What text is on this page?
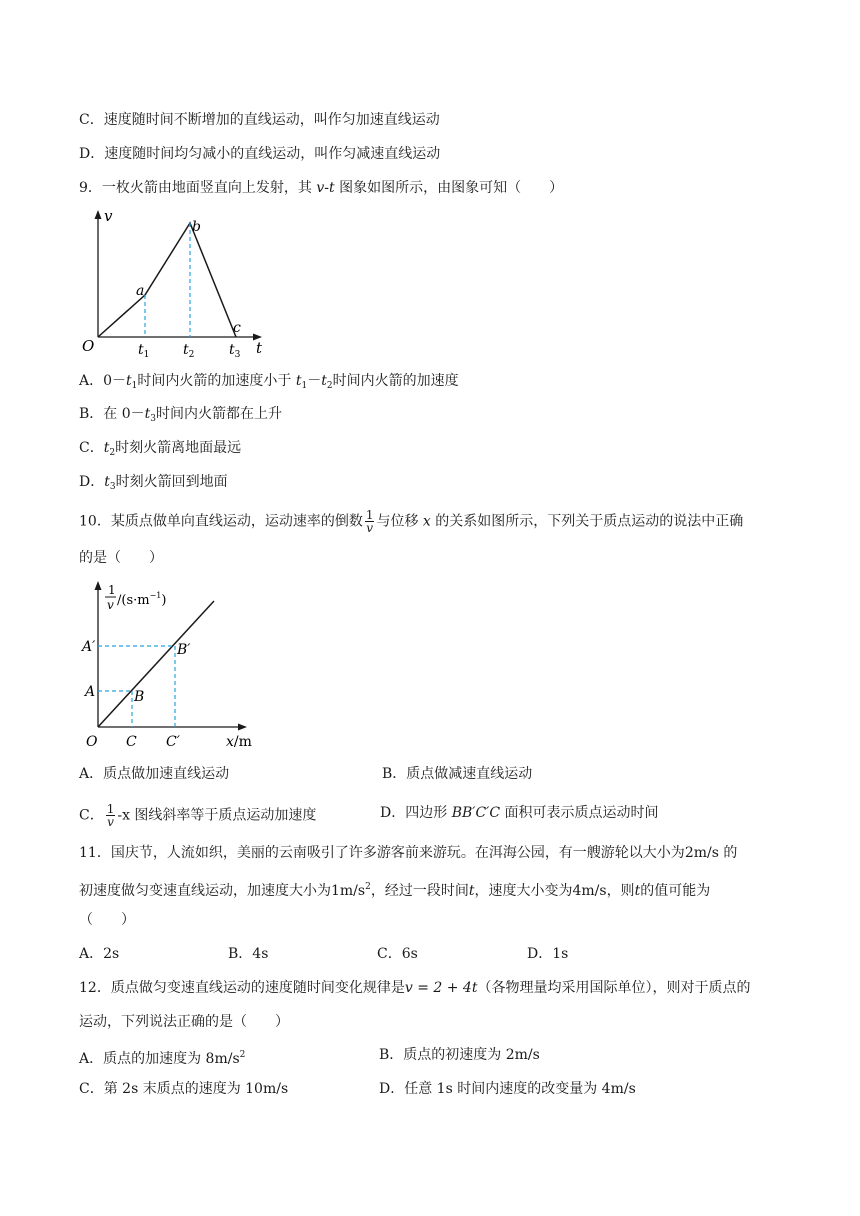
C．速度随时间不断增加的直线运动，叫作匀加速直线运动
D．速度随时间均匀减小的直线运动，叫作匀减速直线运动
9．一枚火箭由地面竖直向上发射，其 v-t 图象如图所示，由图象可知（　　）
v
O	t
a
b
c
$t_1$ $t_2$ $t_3$
A．$0-t_1$时间内火箭的加速度小于 $t_1-t_2$时间内火箭的加速度
B．在 $0-t_3$时间内火箭都在上升
C．$t_2$时刻火箭离地面最远
D．$t_3$时刻火箭回到地面
10．某质点做单向直线运动，运动速率的倒数 $\frac{1}{v}$ 与位移 x 的关系如图所示，下列关于质点运动的说法中正确
的是（　　）
1
v $/(s\cdot m^{-1})$
A′
A
B′
B
O C C′	x/m
A．质点做加速直线运动	B．质点做减速直线运动
C． $\frac{1}{v} -x$ 图线斜率等于质点运动加速度	D．四边形 BB′C′C 面积可表示质点运动时间
11．国庆节，人流如织，美丽的云南吸引了许多游客前来游玩。在洱海公园，有一艘游轮以大小为2m/s 的
初速度做匀变速直线运动，加速度大小为$1m/s^2$，经过一段时间t，速度大小变为4m/s，则t的值可能为
（　　）
A．2s	B．4s	C．6s	D．1s
12．质点做匀变速直线运动的速度随时间变化规律是v = 2 + 4t（各物理量均采用国际单位），则对于质点的
运动，下列说法正确的是（　　）
A．质点的加速度为 $8m/s^2$	B．质点的初速度为 2m/s
C．第 2s 末质点的速度为 10m/s	D．任意 1s 时间内速度的改变量为 4m/s
